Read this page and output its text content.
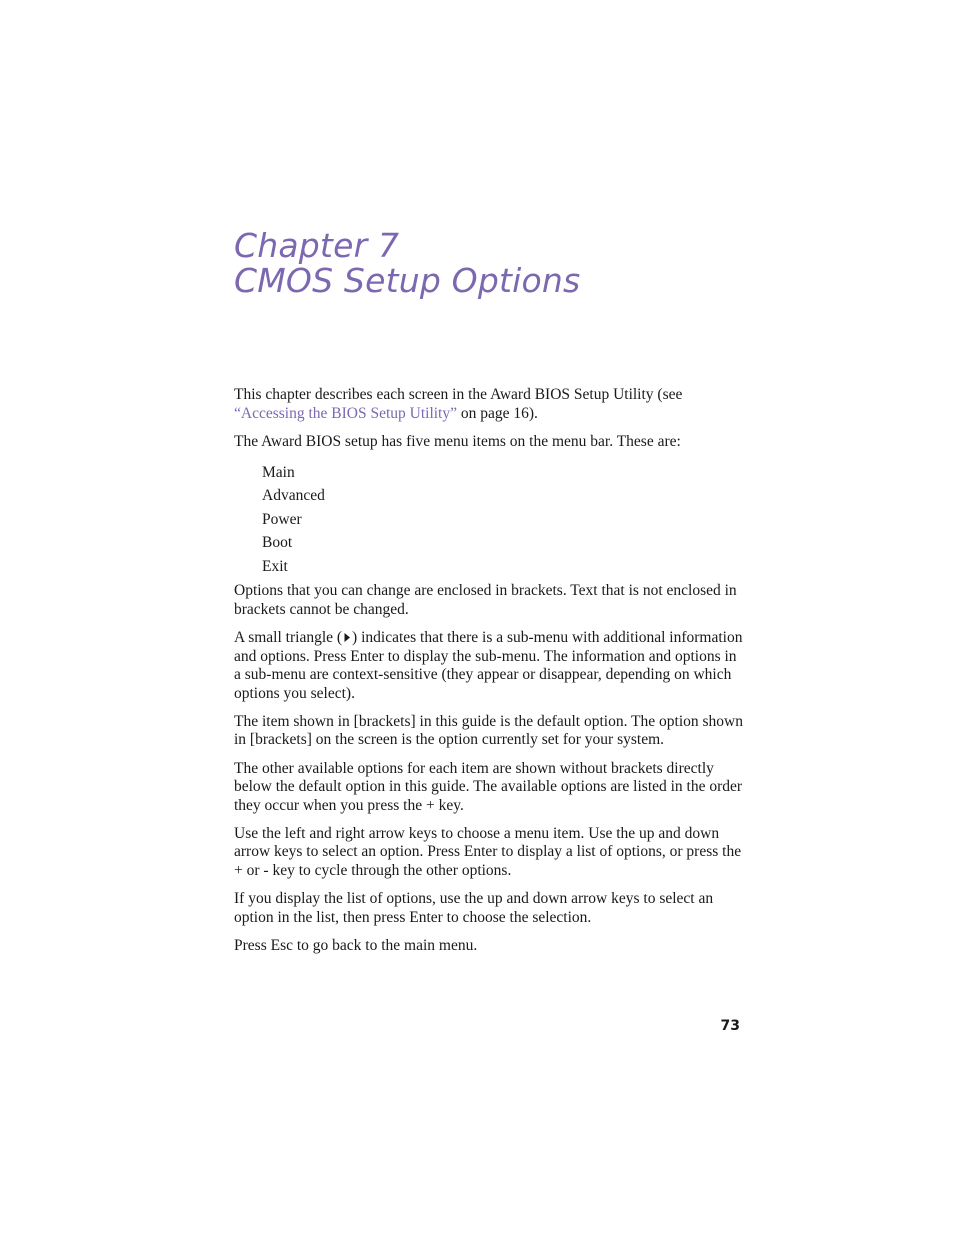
Chapter 7
CMOS Setup Options

This chapter describes each screen in the Award BIOS Setup Utility (see “Accessing the BIOS Setup Utility” on page 16).

The Award BIOS setup has five menu items on the menu bar. These are:

Main
Advanced
Power
Boot
Exit

Options that you can change are enclosed in brackets. Text that is not enclosed in brackets cannot be changed.

A small triangle ( ) indicates that there is a sub-menu with additional information and options. Press Enter to display the sub-menu. The information and options in a sub-menu are context-sensitive (they appear or disappear, depending on which options you select).

The item shown in [brackets] in this guide is the default option. The option shown in [brackets] on the screen is the option currently set for your system.

The other available options for each item are shown without brackets directly below the default option in this guide. The available options are listed in the order they occur when you press the + key.

Use the left and right arrow keys to choose a menu item. Use the up and down arrow keys to select an option. Press Enter to display a list of options, or press the + or - key to cycle through the other options.

If you display the list of options, use the up and down arrow keys to select an option in the list, then press Enter to choose the selection.

Press Esc to go back to the main menu.

73
